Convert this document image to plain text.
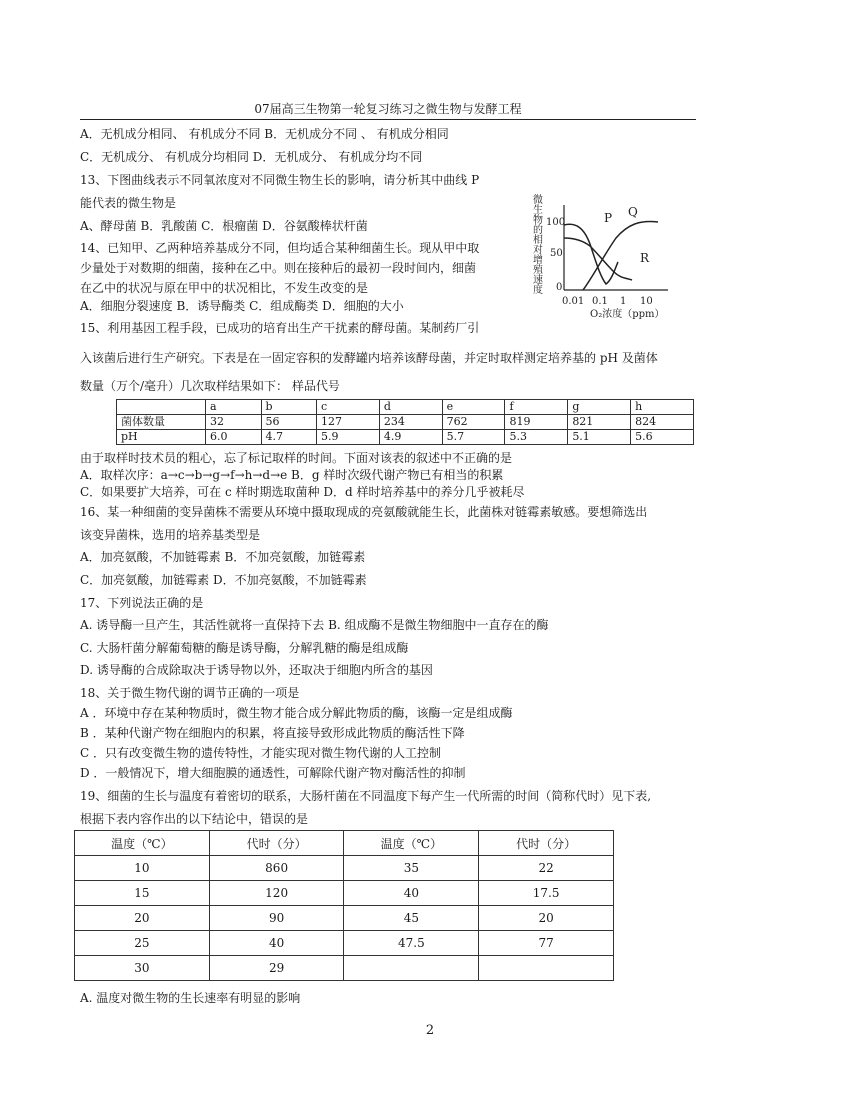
07届高三生物第一轮复习练习之微生物与发酵工程
A．无机成分相同、 有机成分不同 B．无机成分不同 、 有机成分相同
C．无机成分、 有机成分均相同 D．无机成分、 有机成分均不同
13、下图曲线表示不同氧浓度对不同微生物生长的影响，请分析其中曲线 P
能代表的微生物是
A、酵母菌 B．乳酸菌 C．根瘤菌 D．谷氨酸棒状杆菌
14、已知甲、乙两种培养基成分不同，但均适合某种细菌生长。现从甲中取
少量处于对数期的细菌，接种在乙中。则在接种后的最初一段时间内，细菌
在乙中的状况与原在甲中的状况相比，不发生改变的是
A．细胞分裂速度 B．诱导酶类 C．组成酶类 D．细胞的大小
微生物的相对增殖速度 100
50
0
P Q
R
0.01 0.1 1 10
O₂浓度（ppm）
15、利用基因工程手段，已成功的培育出生产干扰素的酵母菌。某制药厂引
入该菌后进行生产研究。下表是在一固定容积的发酵罐内培养该酵母菌，并定时取样测定培养基的 pH 及菌体
数量（万个/毫升）几次取样结果如下： 样品代号
	a	b	c	d	e	f	g	h
菌体数量	32	56	127	234	762	819	821	824
pH	6.0	4.7	5.9	4.9	5.7	5.3	5.1	5.6
由于取样时技术员的粗心，忘了标记取样的时间。下面对该表的叙述中不正确的是
A．取样次序：a→c→b→g→f→h→d→e B．g 样时次级代谢产物已有相当的积累
C．如果要扩大培养，可在 c 样时期选取菌种 D．d 样时培养基中的养分几乎被耗尽
16、某一种细菌的变异菌株不需要从环境中摄取现成的亮氨酸就能生长，此菌株对链霉素敏感。要想筛选出
该变异菌株，选用的培养基类型是
A．加亮氨酸，不加链霉素 B．不加亮氨酸，加链霉素
C．加亮氨酸，加链霉素 D．不加亮氨酸，不加链霉素
17、下列说法正确的是
A. 诱导酶一旦产生，其活性就将一直保持下去 B. 组成酶不是微生物细胞中一直存在的酶
C. 大肠杆菌分解葡萄糖的酶是诱导酶，分解乳糖的酶是组成酶
D. 诱导酶的合成除取决于诱导物以外，还取决于细胞内所含的基因
18、关于微生物代谢的调节正确的一项是
A ．环境中存在某种物质时，微生物才能合成分解此物质的酶，该酶一定是组成酶
B ．某种代谢产物在细胞内的积累，将直接导致形成此物质的酶活性下降
C ．只有改变微生物的遗传特性，才能实现对微生物代谢的人工控制
D ．一般情况下，增大细胞膜的通透性，可解除代谢产物对酶活性的抑制
19、细菌的生长与温度有着密切的联系，大肠杆菌在不同温度下每产生一代所需的时间（简称代时）见下表,
根据下表内容作出的以下结论中，错误的是
温度（℃）	代时（分）	温度（℃）	代时（分）
10	860	35	22
15	120	40	17.5
20	90	45	20
25	40	47.5	77
30	29		
A. 温度对微生物的生长速率有明显的影响
2
